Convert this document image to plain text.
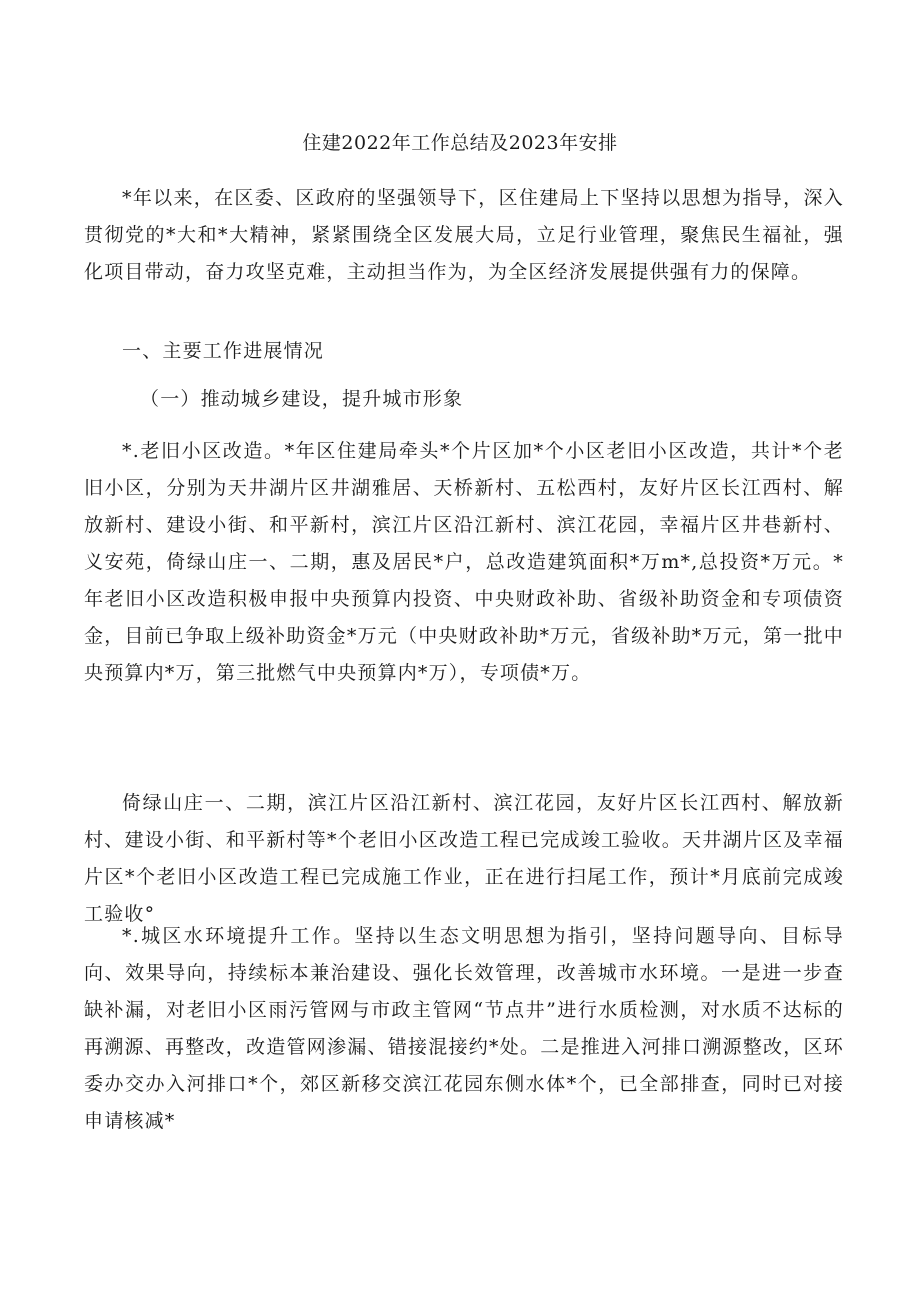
住建2022年工作总结及2023年安排

*年以来，在区委、区政府的坚强领导下，区住建局上下坚持以思想为指导，深入贯彻党的*大和*大精神，紧紧围绕全区发展大局，立足行业管理，聚焦民生福祉，强化项目带动，奋力攻坚克难，主动担当作为，为全区经济发展提供强有力的保障。

一、主要工作进展情况

（一）推动城乡建设，提升城市形象

*.老旧小区改造。*年区住建局牵头*个片区加*个小区老旧小区改造，共计*个老旧小区，分别为天井湖片区井湖雅居、天桥新村、五松西村，友好片区长江西村、解放新村、建设小街、和平新村，滨江片区沿江新村、滨江花园，幸福片区井巷新村、义安苑，倚绿山庄一、二期，惠及居民*户，总改造建筑面积*万m*,总投资*万元。*年老旧小区改造积极申报中央预算内投资、中央财政补助、省级补助资金和专项债资金，目前已争取上级补助资金*万元（中央财政补助*万元，省级补助*万元，第一批中央预算内*万，第三批燃气中央预算内*万），专项债*万。

倚绿山庄一、二期，滨江片区沿江新村、滨江花园，友好片区长江西村、解放新村、建设小街、和平新村等*个老旧小区改造工程已完成竣工验收。天井湖片区及幸福片区*个老旧小区改造工程已完成施工作业，正在进行扫尾工作，预计*月底前完成竣工验收°

*.城区水环境提升工作。坚持以生态文明思想为指引，坚持问题导向、目标导向、效果导向，持续标本兼治建设、强化长效管理，改善城市水环境。一是进一步查缺补漏，对老旧小区雨污管网与市政主管网“节点井”进行水质检测，对水质不达标的再溯源、再整改，改造管网渗漏、错接混接约*处。二是推进入河排口溯源整改，区环委办交办入河排口*个，郊区新移交滨江花园东侧水体*个，已全部排查，同时已对接申请核减*
